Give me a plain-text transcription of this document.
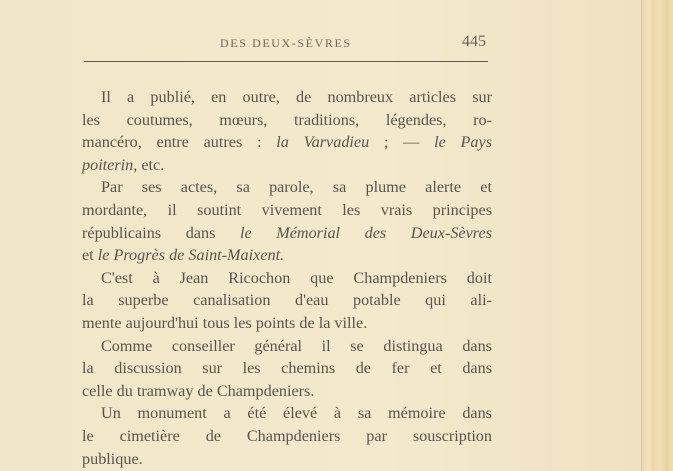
DES DEUX-SÈVRES	445
Il a publié, en outre, de nombreux articles sur
les coutumes, mœurs, traditions, légendes, ro-
mancéro, entre autres : la Varvadieu ; — le Pays
poiterin, etc.
Par ses actes, sa parole, sa plume alerte et
mordante, il soutint vivement les vrais principes
républicains dans le Mémorial des Deux-Sèvres
et le Progrès de Saint-Maixent.
C'est à Jean Ricochon que Champdeniers doit
la superbe canalisation d'eau potable qui ali-
mente aujourd'hui tous les points de la ville.
Comme conseiller général il se distingua dans
la discussion sur les chemins de fer et dans
celle du tramway de Champdeniers.
Un monument a été élevé à sa mémoire dans
le cimetière de Champdeniers par souscription
publique.
